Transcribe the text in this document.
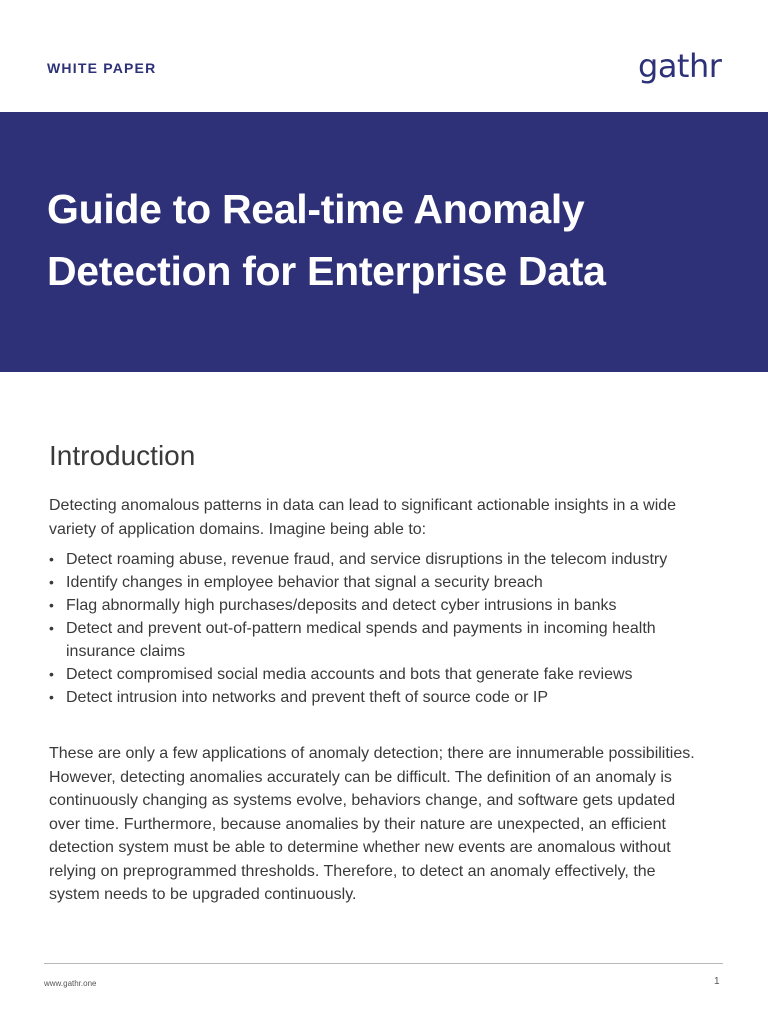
WHITE PAPER	gathr
Guide to Real-time Anomaly Detection for Enterprise Data
Introduction

Detecting anomalous patterns in data can lead to significant actionable insights in a wide variety of application domains. Imagine being able to:

• Detect roaming abuse, revenue fraud, and service disruptions in the telecom industry
• Identify changes in employee behavior that signal a security breach
• Flag abnormally high purchases/deposits and detect cyber intrusions in banks
• Detect and prevent out-of-pattern medical spends and payments in incoming health insurance claims
• Detect compromised social media accounts and bots that generate fake reviews
• Detect intrusion into networks and prevent theft of source code or IP

These are only a few applications of anomaly detection; there are innumerable possibilities. However, detecting anomalies accurately can be difficult. The definition of an anomaly is continuously changing as systems evolve, behaviors change, and software gets updated over time. Furthermore, because anomalies by their nature are unexpected, an efficient detection system must be able to determine whether new events are anomalous without relying on preprogrammed thresholds. Therefore, to detect an anomaly effectively, the system needs to be upgraded continuously.

www.gathr.one	1
